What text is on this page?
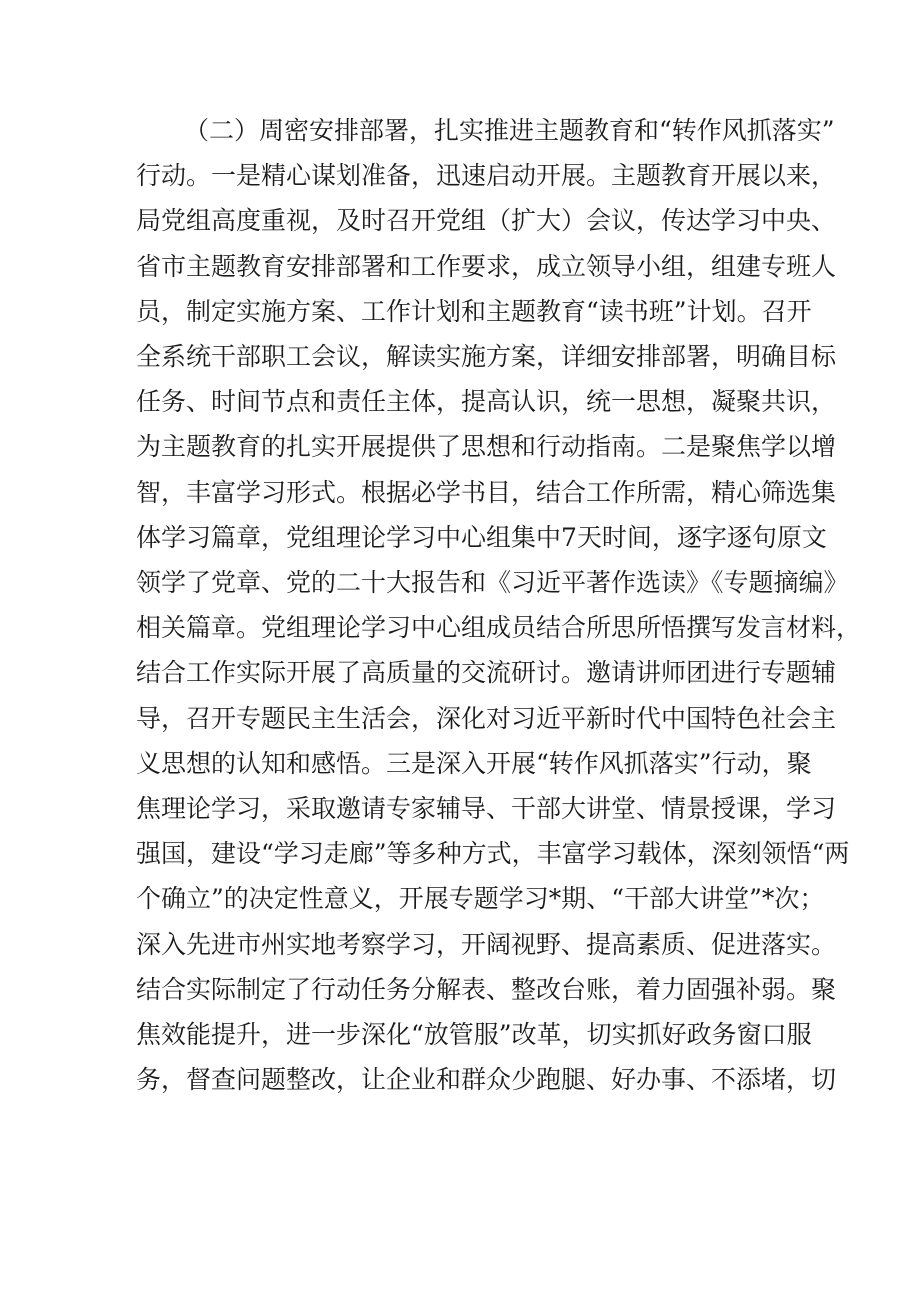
（二）周密安排部署，扎实推进主题教育和“转作风抓落实”
行动。一是精心谋划准备，迅速启动开展。主题教育开展以来，
局党组高度重视，及时召开党组（扩大）会议，传达学习中央、
省市主题教育安排部署和工作要求，成立领导小组，组建专班人
员，制定实施方案、工作计划和主题教育“读书班”计划。召开
全系统干部职工会议，解读实施方案，详细安排部署，明确目标
任务、时间节点和责任主体，提高认识，统一思想，凝聚共识，
为主题教育的扎实开展提供了思想和行动指南。二是聚焦学以增
智，丰富学习形式。根据必学书目，结合工作所需，精心筛选集
体学习篇章，党组理论学习中心组集中7天时间，逐字逐句原文
领学了党章、党的二十大报告和《习近平著作选读》《专题摘编》
相关篇章。党组理论学习中心组成员结合所思所悟撰写发言材料，
结合工作实际开展了高质量的交流研讨。邀请讲师团进行专题辅
导，召开专题民主生活会，深化对习近平新时代中国特色社会主
义思想的认知和感悟。三是深入开展“转作风抓落实”行动，聚
焦理论学习，采取邀请专家辅导、干部大讲堂、情景授课，学习
强国，建设“学习走廊”等多种方式，丰富学习载体，深刻领悟“两
个确立”的决定性意义，开展专题学习*期、“干部大讲堂”*次；
深入先进市州实地考察学习，开阔视野、提高素质、促进落实。
结合实际制定了行动任务分解表、整改台账，着力固强补弱。聚
焦效能提升，进一步深化“放管服”改革，切实抓好政务窗口服
务，督查问题整改，让企业和群众少跑腿、好办事、不添堵，切
